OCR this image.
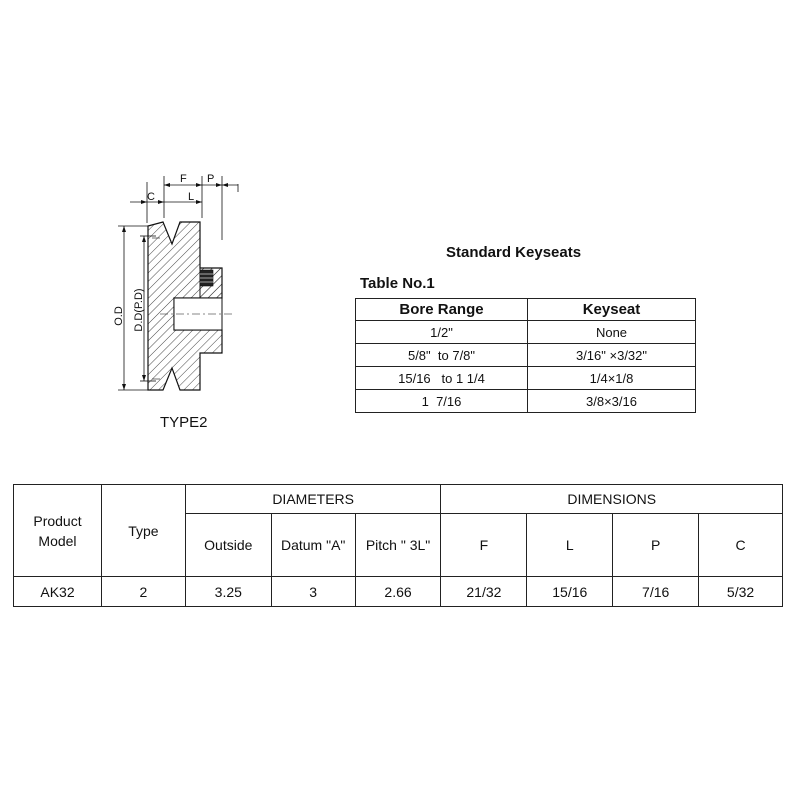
C
F P
L
O.D D.D(P.D)
TYPE2
Standard Keyseats
Table No.1
Bore Range	Keyseat
1/2"	None
5/8"  to 7/8"	3/16" ×3/32"
15/16   to 1 1/4	1/4×1/8
1  7/16	3/8×3/16
Product Model	Type	DIAMETERS			DIMENSIONS			
		Outside	Datum "A"	Pitch " 3L"	F	L	P	C
AK32	2	3.25	3	2.66	21/32	15/16	7/16	5/32
